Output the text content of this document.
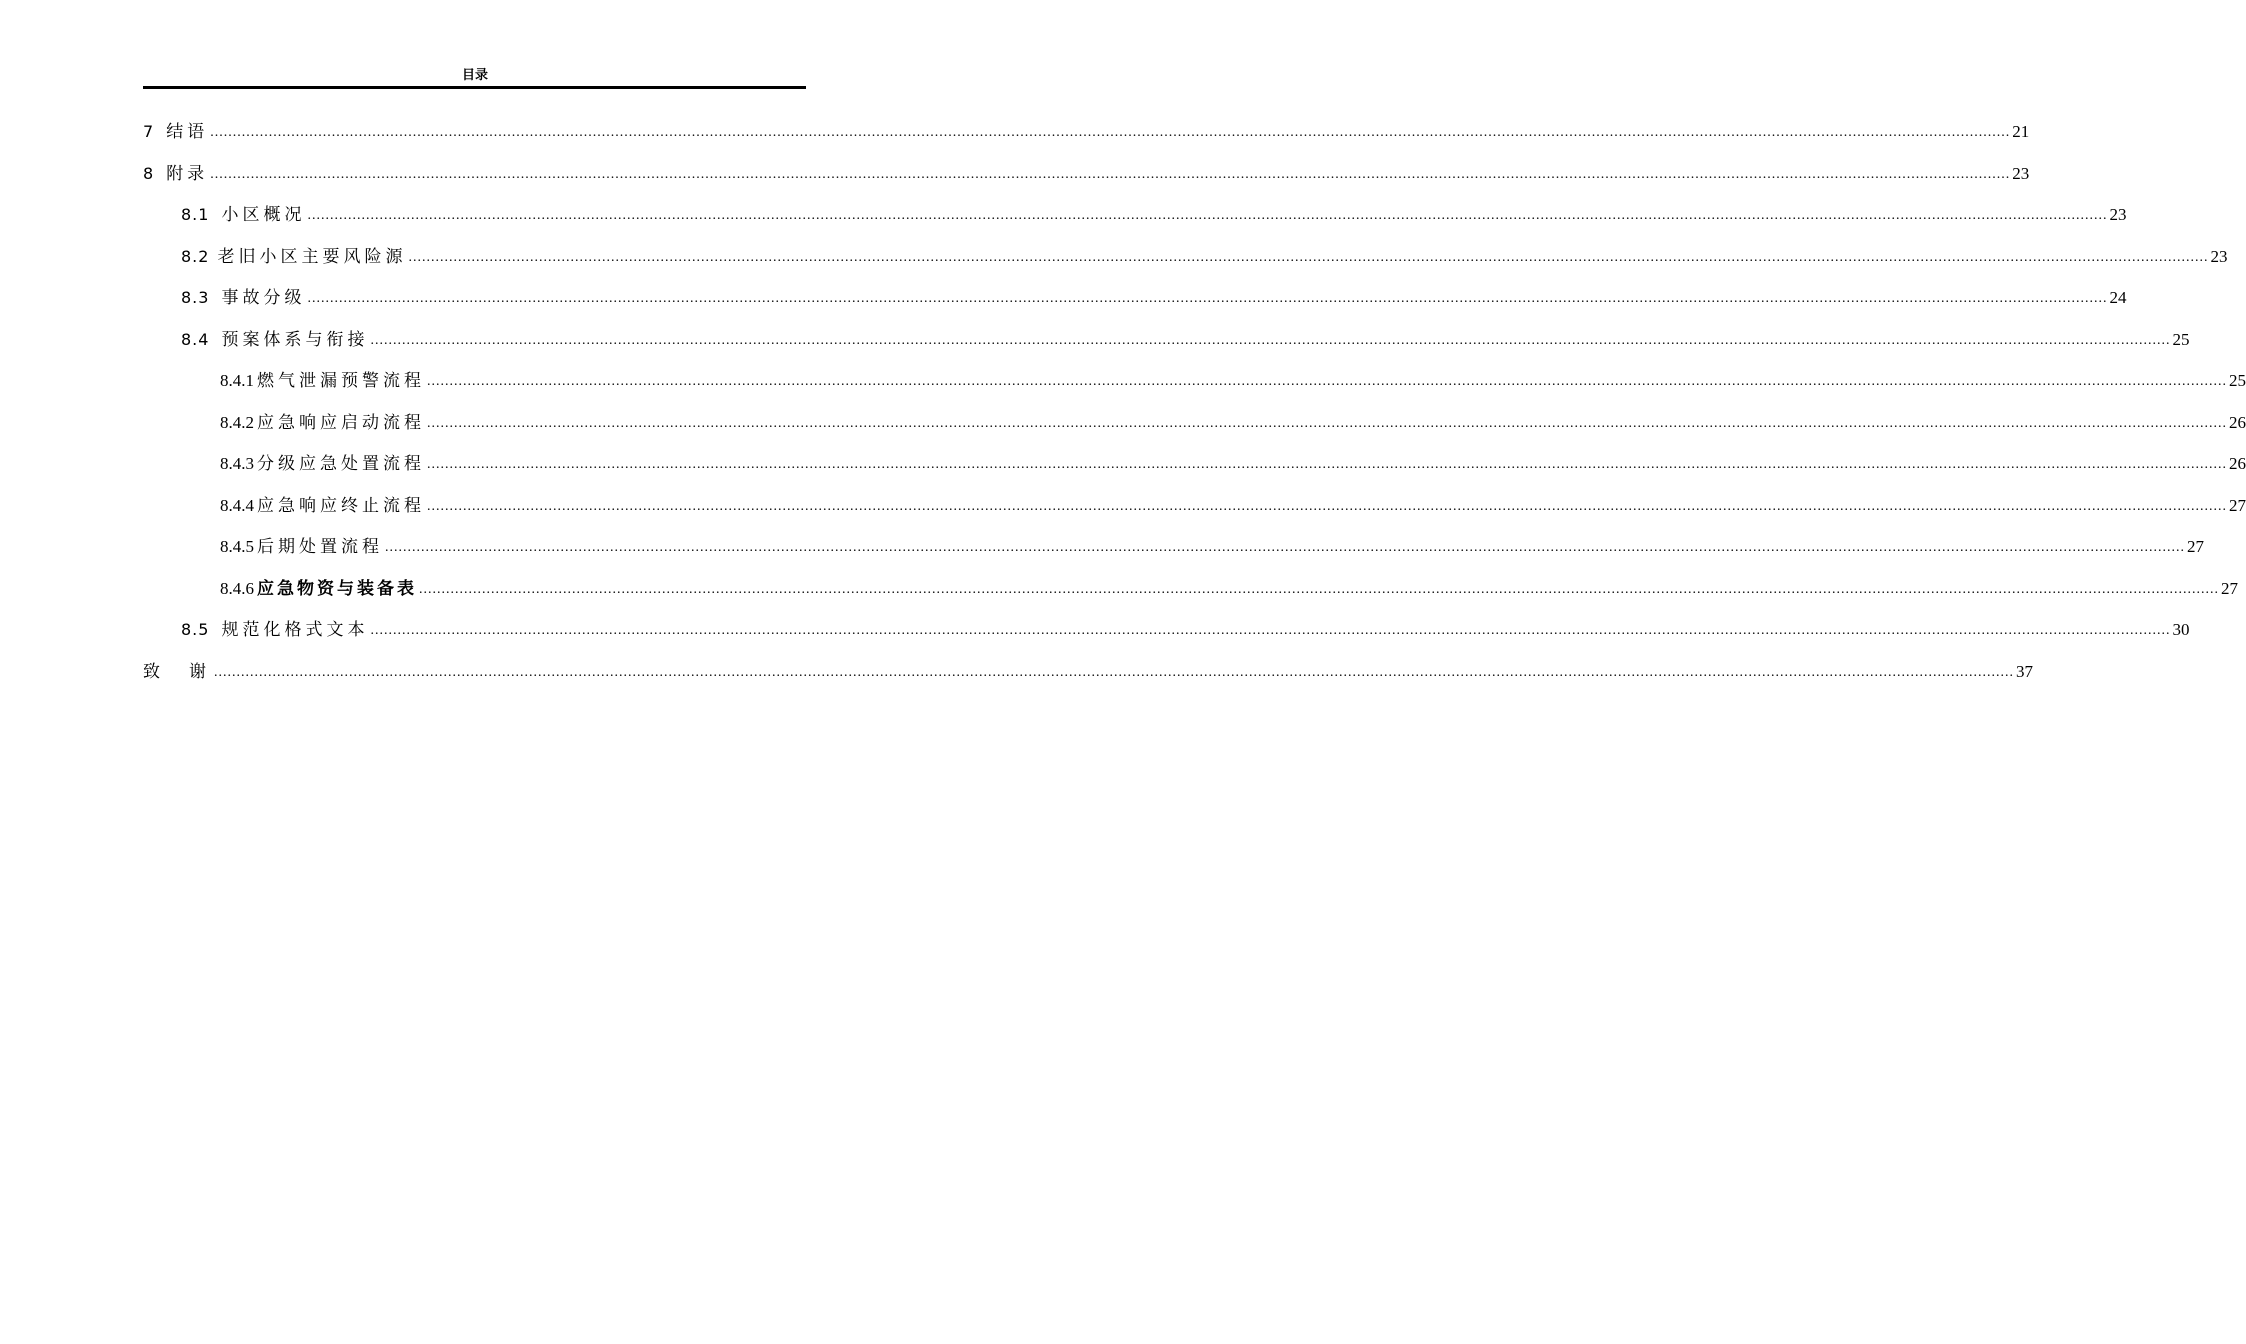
目录
7 结语 ................................................................................................................................................................................................................................................................................................................................................................................................................ 21
8 附录 ................................................................................................................................................................................................................................................................................................................................................................................................................ 23
8.1 小区概况 ................................................................................................................................................................................................................................................................................................................................................................................................................ 23
8.2 老旧小区主要风险源 ................................................................................................................................................................................................................................................................................................................................................................................................................ 23
8.3 事故分级 ................................................................................................................................................................................................................................................................................................................................................................................................................ 24
8.4 预案体系与衔接 ................................................................................................................................................................................................................................................................................................................................................................................................................ 25
8.4.1 燃气泄漏预警流程 ................................................................................................................................................................................................................................................................................................................................................................................................................ 25
8.4.2 应急响应启动流程 ................................................................................................................................................................................................................................................................................................................................................................................................................ 26
8.4.3 分级应急处置流程 ................................................................................................................................................................................................................................................................................................................................................................................................................ 26
8.4.4 应急响应终止流程 ................................................................................................................................................................................................................................................................................................................................................................................................................ 27
8.4.5 后期处置流程 ................................................................................................................................................................................................................................................................................................................................................................................................................ 27
8.4.6 应急物资与装备表 ................................................................................................................................................................................................................................................................................................................................................................................................................ 27
8.5 规范化格式文本 ................................................................................................................................................................................................................................................................................................................................................................................................................ 30
致　谢 ................................................................................................................................................................................................................................................................................................................................................................................................................ 37
